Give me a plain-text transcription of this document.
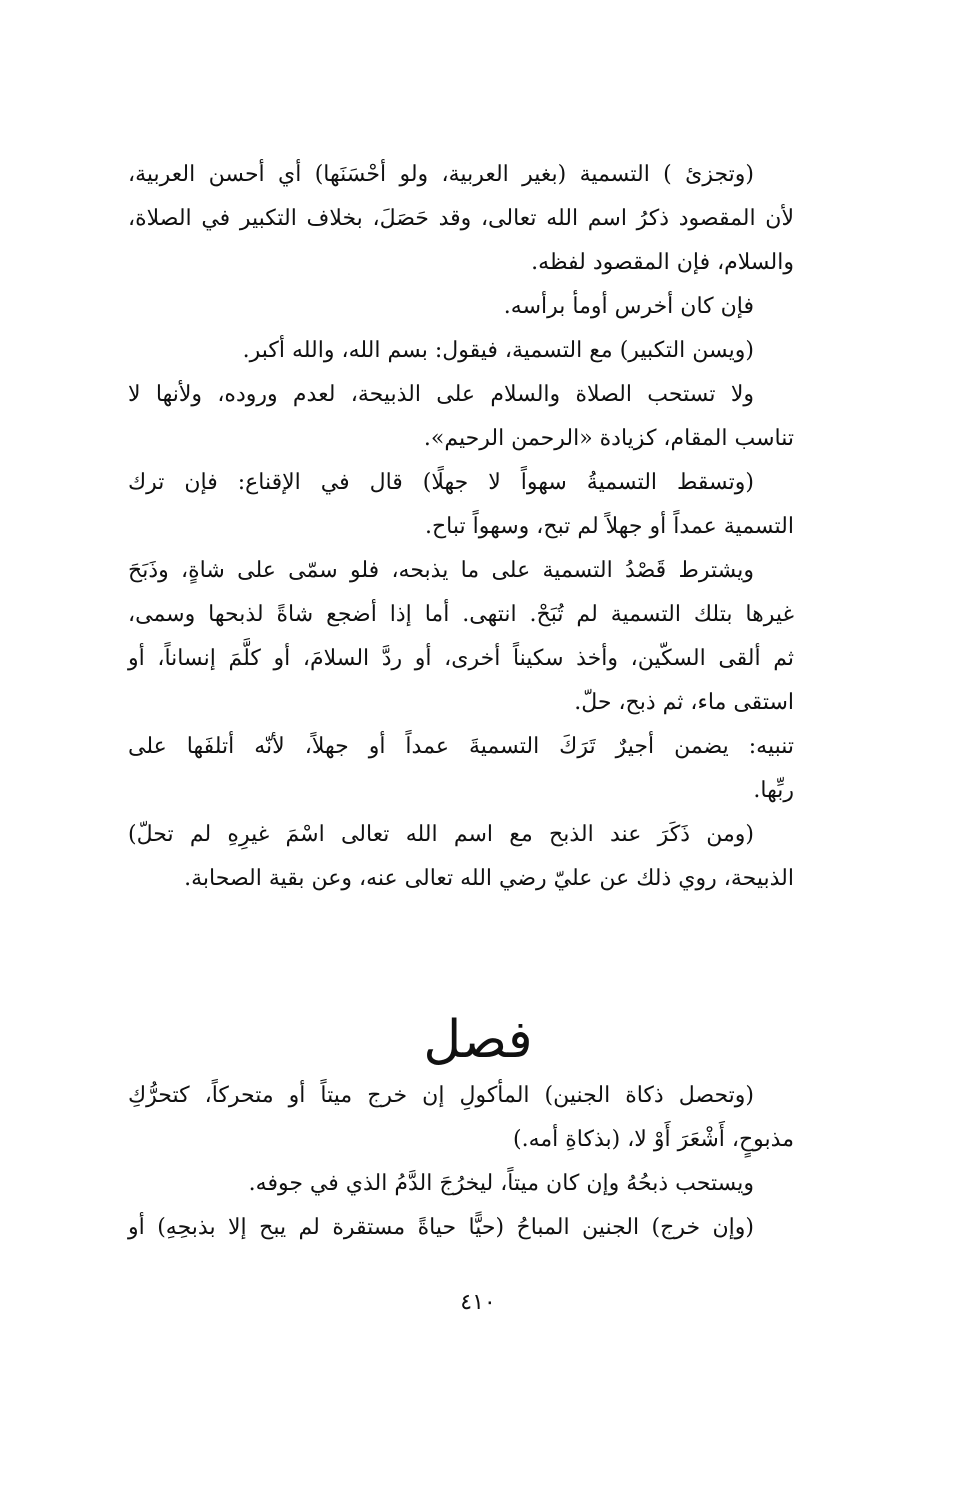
(وتجزئ ) التسمية (بغير العربية، ولو أحْسَنَها) أي أحسن العربية،
لأن المقصود ذكرُ اسم الله تعالى، وقد حَصَلَ، بخلاف التكبير في الصلاة،
والسلام، فإن المقصود لفظه.
فإن كان أخرس أومأ برأسه.
(ويسن التكبير) مع التسمية، فيقول: بسم الله، والله أكبر.
ولا تستحب الصلاة والسلام على الذبيحة، لعدم وروده، ولأنها لا
تناسب المقام، كزيادة «الرحمن الرحيم».
(وتسقط التسميةُ سهواً لا جهلًا) قال في الإقناع: فإن ترك
التسمية عمداً أو جهلاً لم تبح، وسهواً تباح.
ويشترط قَصْدُ التسمية على ما يذبحه، فلو سمّى على شاةٍ، وذَبَحَ
غيرها بتلك التسمية لم تُبَحْ. انتهى. أما إذا أضجع شاةً لذبحها وسمى،
ثم ألقى السكّين، وأخذ سكيناً أخرى، أو ردَّ السلامَ، أو كلَّمَ إنساناً، أو
استقى ماء، ثم ذبح، حلّ.
تنبيه: يضمن أجيرٌ تَرَكَ التسميةَ عمداً أو جهلاً، لأنّه أتلفَها على
ربِّها.
(ومن ذَكَرَ عند الذبح مع اسم الله تعالى اسْمَ غيرِهِ لم تحلّ)
الذبيحة، روي ذلك عن عليّ رضي الله تعالى عنه، وعن بقية الصحابة.
فصل
(وتحصل ذكاة الجنين) المأكولِ إن خرج ميتاً أو متحركاً، كتحرُّكِ
مذبوحٍ، أَشْعَرَ أَوْ لا، (بذكاةِ أمه.)
ويستحب ذبحُهُ وإن كان ميتاً، ليخرُجَ الدَّمُ الذي في جوفه.
(وإن خرج) الجنين المباحُ (حيًّا حياةً مستقرة لم يبح إلا بذبحِهِ) أو
٤١٠
